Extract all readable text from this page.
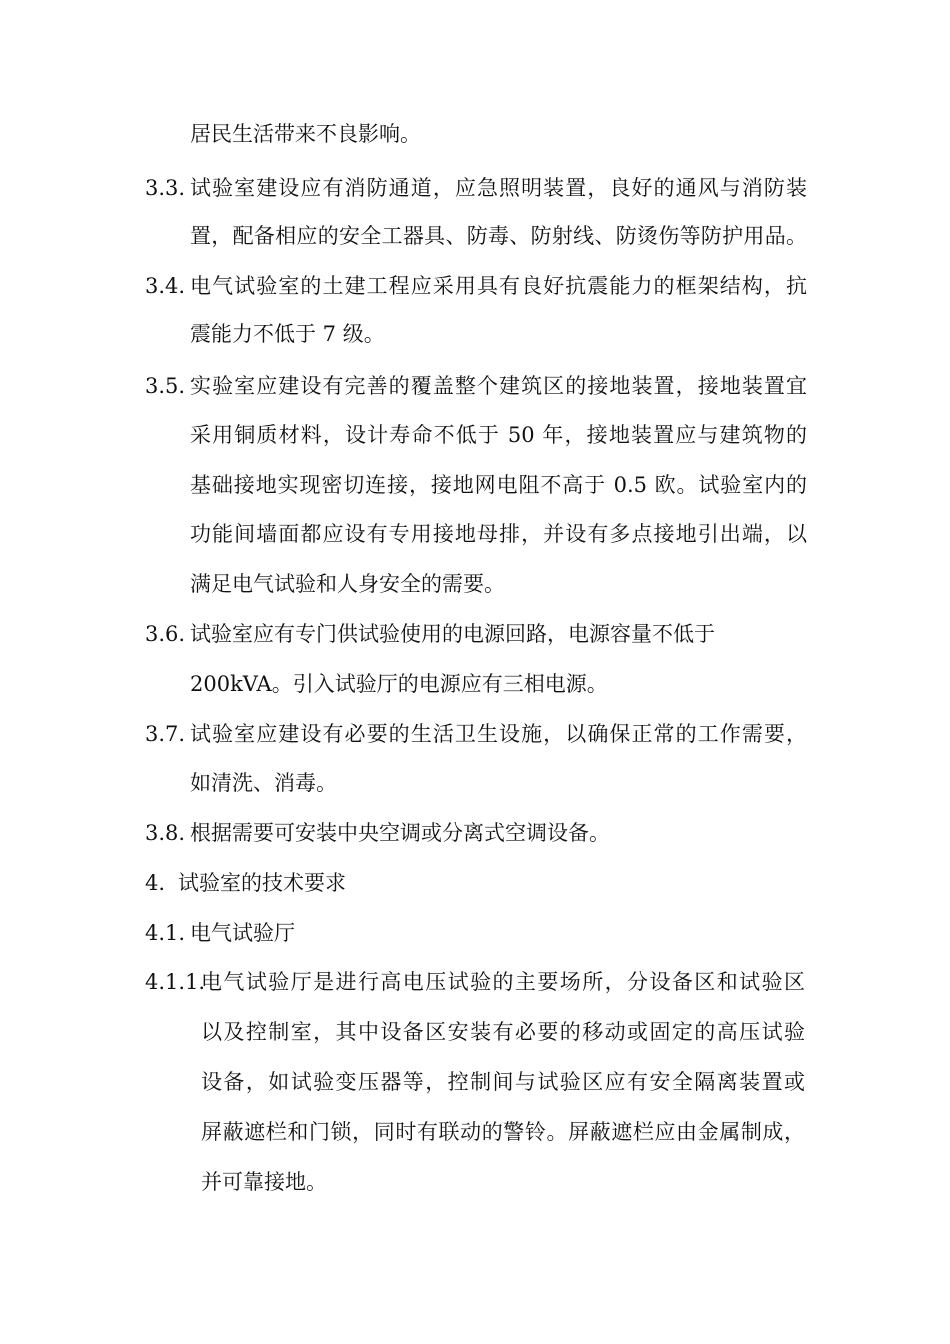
居民生活带来不良影响。
3.3. 试验室建设应有消防通道，应急照明装置，良好的通风与消防装
置，配备相应的安全工器具、防毒、防射线、防烫伤等防护用品。
3.4. 电气试验室的土建工程应采用具有良好抗震能力的框架结构，抗
震能力不低于 7 级。
3.5. 实验室应建设有完善的覆盖整个建筑区的接地装置，接地装置宜
采用铜质材料，设计寿命不低于 50 年，接地装置应与建筑物的
基础接地实现密切连接，接地网电阻不高于 0.5 欧。试验室内的
功能间墙面都应设有专用接地母排，并设有多点接地引出端，以
满足电气试验和人身安全的需要。
3.6. 试验室应有专门供试验使用的电源回路，电源容量不低于
200kVA。引入试验厅的电源应有三相电源。
3.7. 试验室应建设有必要的生活卫生设施，以确保正常的工作需要，
如清洗、消毒。
3.8. 根据需要可安装中央空调或分离式空调设备。
4. 试验室的技术要求
4.1. 电气试验厅
4.1.1.
电气试验厅是进行高电压试验的主要场所，分设备区和试验区
以及控制室，其中设备区安装有必要的移动或固定的高压试验
设备，如试验变压器等，控制间与试验区应有安全隔离装置或
屏蔽遮栏和门锁，同时有联动的警铃。屏蔽遮栏应由金属制成，
并可靠接地。
